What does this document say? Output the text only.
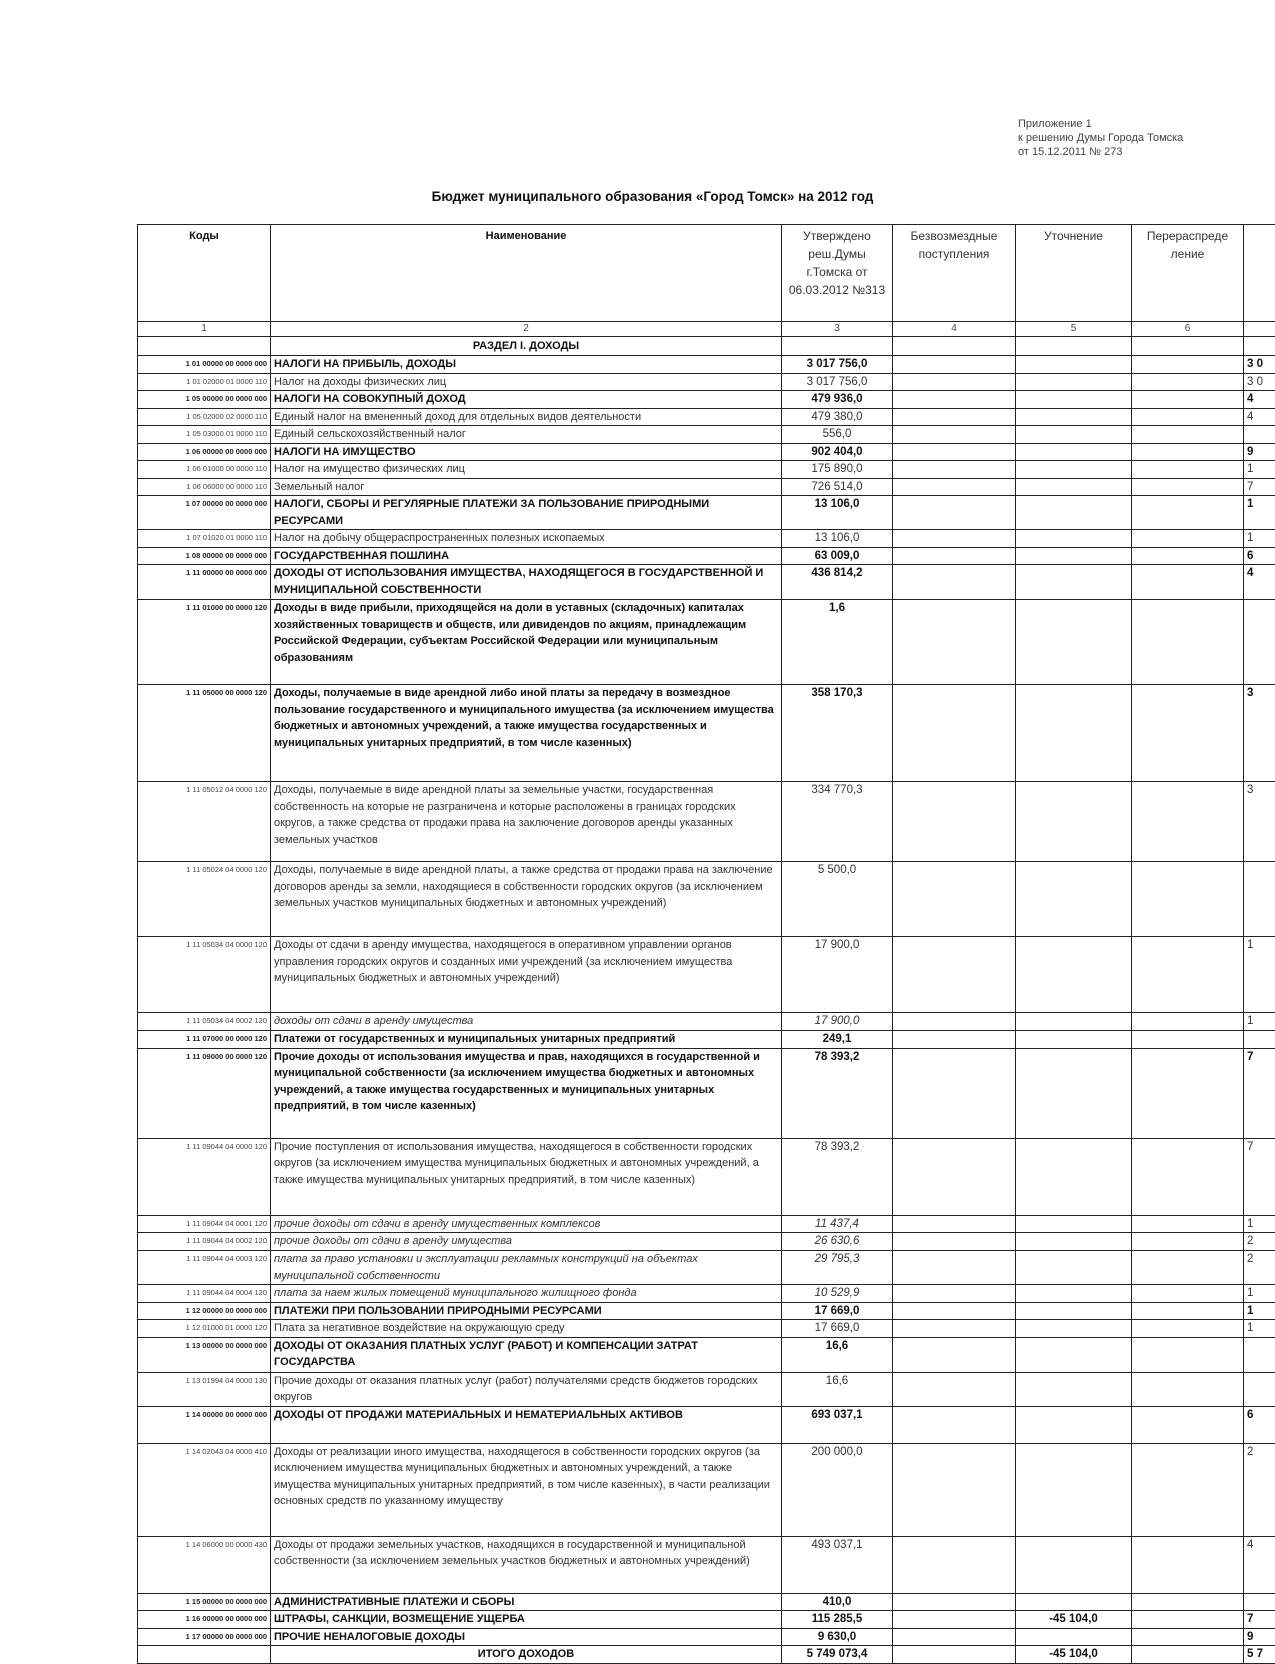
Приложение 1
к решению Думы Города Томска
от 15.12.2011 № 273
Бюджет муниципального образования «Город Томск» на 2012 год
Коды	Наименование	Утверждено реш.Думы г.Томска от 06.03.2012 №313	Безвозмездные поступления	Уточнение	Перераспреде ление	
1	2	3	4	5	6	
	РАЗДЕЛ I. ДОХОДЫ					
1 01 00000 00 0000 000	НАЛОГИ НА ПРИБЫЛЬ, ДОХОДЫ	3 017 756,0				3 0
1 01 02000 01 0000 110	Налог на доходы физических лиц	3 017 756,0				3 0
1 05 00000 00 0000 000	НАЛОГИ НА СОВОКУПНЫЙ ДОХОД	479 936,0				4
1 05 02000 02 0000 110	Единый налог на вмененный доход для отдельных видов деятельности	479 380,0				4
1 05 03000 01 0000 110	Единый сельскохозяйственный налог	556,0				
1 06 00000 00 0000 000	НАЛОГИ НА ИМУЩЕСТВО	902 404,0				9
1 06 01000 00 0000 110	Налог на имущество физических лиц	175 890,0				1
1 06 06000 00 0000 110	Земельный налог	726 514,0				7
1 07 00000 00 0000 000	НАЛОГИ, СБОРЫ И РЕГУЛЯРНЫЕ ПЛАТЕЖИ ЗА ПОЛЬЗОВАНИЕ ПРИРОДНЫМИ РЕСУРСАМИ	13 106,0				1
1 07 01020 01 0000 110	Налог на добычу общераспространенных полезных ископаемых	13 106,0				1
1 08 00000 00 0000 000	ГОСУДАРСТВЕННАЯ ПОШЛИНА	63 009,0				6
1 11 00000 00 0000 000	ДОХОДЫ ОТ ИСПОЛЬЗОВАНИЯ ИМУЩЕСТВА, НАХОДЯЩЕГОСЯ В ГОСУДАРСТВЕННОЙ И МУНИЦИПАЛЬНОЙ СОБСТВЕННОСТИ	436 814,2				4
1 11 01000 00 0000 120	Доходы в виде прибыли, приходящейся на доли в уставных (складочных) капиталах хозяйственных товариществ и обществ, или дивидендов по акциям, принадлежащим Российской Федерации, субъектам Российской Федерации или муниципальным образованиям	1,6				
1 11 05000 00 0000 120	Доходы, получаемые в виде арендной либо иной платы за передачу в возмездное пользование государственного и муниципального имущества (за исключением имущества бюджетных и автономных учреждений, а также имущества государственных и муниципальных унитарных предприятий, в том числе казенных)	358 170,3				3
1 11 05012 04 0000 120	Доходы, получаемые в виде арендной платы за земельные участки, государственная собственность на которые не разграничена и которые расположены в границах городских округов, а также средства от продажи права на заключение договоров аренды указанных земельных участков	334 770,3				3
1 11 05024 04 0000 120	Доходы, получаемые в виде арендной платы, а также средства от продажи права на заключение договоров аренды за земли, находящиеся в собственности городских округов (за исключением земельных участков муниципальных бюджетных и автономных учреждений)	5 500,0				
1 11 05034 04 0000 120	Доходы от сдачи в аренду имущества, находящегося в оперативном управлении органов управления городских округов и созданных ими учреждений (за исключением имущества муниципальных бюджетных и автономных учреждений)	17 900,0				1
1 11 05034 04 0002 120	доходы от сдачи в аренду имущества	17 900,0				1
1 11 07000 00 0000 120	Платежи от государственных и муниципальных унитарных предприятий	249,1				
1 11 09000 00 0000 120	Прочие доходы от использования имущества и прав, находящихся в государственной и муниципальной собственности (за исключением имущества бюджетных и автономных учреждений, а также имущества государственных и муниципальных унитарных предприятий, в том числе казенных)	78 393,2				7
1 11 09044 04 0000 120	Прочие поступления от использования имущества, находящегося в собственности городских округов (за исключением имущества муниципальных бюджетных и автономных учреждений, а также имущества муниципальных унитарных предприятий, в том числе казенных)	78 393,2				7
1 11 09044 04 0001 120	прочие доходы от сдачи в аренду имущественных комплексов	11 437,4				1
1 11 09044 04 0002 120	прочие доходы от сдачи в аренду имущества	26 630,6				2
1 11 09044 04 0003 120	плата за право установки и эксплуатации рекламных конструкций на объектах муниципальной собственности	29 795,3				2
1 11 09044 04 0004 120	плата за наем жилых помещений муниципального жилищного фонда	10 529,9				1
1 12 00000 00 0000 000	ПЛАТЕЖИ ПРИ ПОЛЬЗОВАНИИ ПРИРОДНЫМИ РЕСУРСАМИ	17 669,0				1
1 12 01000 01 0000 120	Плата за негативное воздействие на окружающую среду	17 669,0				1
1 13 00000 00 0000 000	ДОХОДЫ ОТ ОКАЗАНИЯ ПЛАТНЫХ УСЛУГ (РАБОТ) И КОМПЕНСАЦИИ ЗАТРАТ ГОСУДАРСТВА	16,6				
1 13 01994 04 0000 130	Прочие доходы от оказания платных услуг (работ) получателями средств бюджетов городских округов	16,6				
1 14 00000 00 0000 000	ДОХОДЫ ОТ ПРОДАЖИ МАТЕРИАЛЬНЫХ И НЕМАТЕРИАЛЬНЫХ АКТИВОВ	693 037,1				6
1 14 02043 04 0000 410	Доходы от реализации иного имущества, находящегося в собственности городских округов (за исключением имущества муниципальных бюджетных и автономных учреждений, а также имущества муниципальных унитарных предприятий, в том числе казенных), в части реализации основных средств по указанному имуществу	200 000,0				2
1 14 06000 00 0000 430	Доходы от продажи земельных участков, находящихся в государственной и муниципальной собственности (за исключением земельных участков бюджетных и автономных учреждений)	493 037,1				4
1 15 00000 00 0000 000	АДМИНИСТРАТИВНЫЕ ПЛАТЕЖИ И СБОРЫ	410,0				
1 16 00000 00 0000 000	ШТРАФЫ, САНКЦИИ, ВОЗМЕЩЕНИЕ УЩЕРБА	115 285,5		-45 104,0		7
1 17 00000 00 0000 000	ПРОЧИЕ НЕНАЛОГОВЫЕ ДОХОДЫ	9 630,0				9
	ИТОГО ДОХОДОВ	5 749 073,4		-45 104,0		5 7
